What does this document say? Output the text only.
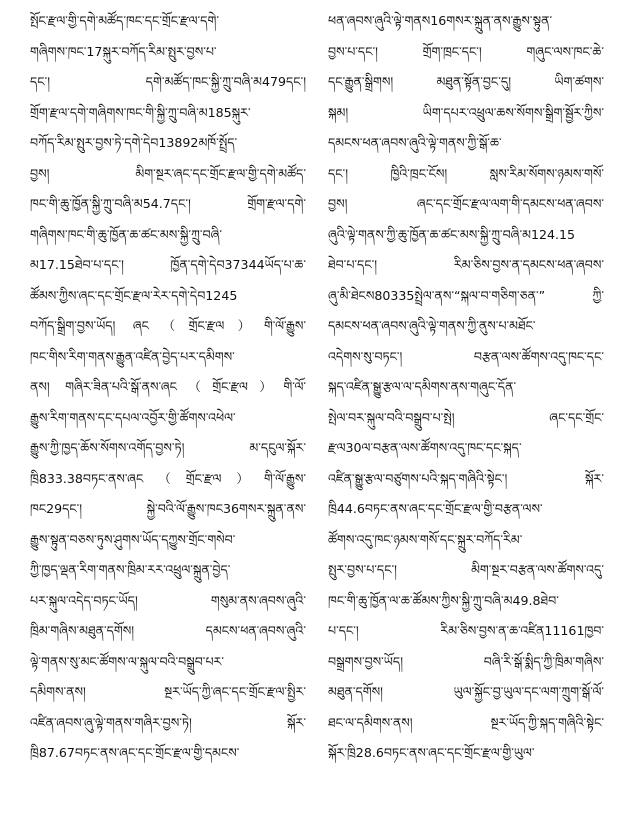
སྤོང་རྫལ་གྱི་དགེ་མཚོད་ཁང་དང་གྲོང་རྫལ་དགེ་
གཞིགས་ཁང་17སྐུར་བཀོད་རིམ་སྤུར་བྱས་པ་
དང་། དགེ་མཚོད་ཁང་སྐྱི་ཀྲུ་བཞི་མ479དང་།
གྲོག་རྫལ་དགེ་གཞིགས་ཁང་གི་སྐྱི་ཀྲུ་བཞི་མ185སྐུར་
བཀོད་རིམ་སྤུར་བྱས་ཏེ་དགེ་དེབ13892མཁོ་སྤྲོད་
བྱས། མིག་སྔར་ཞང་དང་གྲོང་རྫལ་གྱི་དགེ་མཚོད་
ཁང་གི་ཆུ་ཁྱོན་སྐྱི་ཀྲུ་བཞི་མ54.7དང་། གྲོག་རྫལ་དགེ་
གཞིགས་ཁང་གི་ཆུ་ཁྱོན་ཆ་ཚང་མས་སྐྱི་ཀྲུ་བཞི་
མ17.15ཐེབ་པ་དང་། ཁྱོན་དགེ་དེབ37344ཡོད་པ་ཆ་
ཚོམས་ཀྱིས་ཞང་དང་གྲོང་རྫལ་རེར་དགེ་དེབ1245
བཀོད་སྒྲིག་བྱས་ཡོད། ཞང（གྲོང་རྫལ）གི་ལོ་རྒྱུས་
ཁང་གིས་རིག་གནས་རྒྱུན་འཛིན་བྱེད་པར་དམིགས་
ནས། གཞིར་ཟིན་པའི་སྒོ་ནས་ཞང（གྲོང་རྫལ）གི་ལོ་
རྒྱུས་རིག་གནས་དང་དཔལ་འབྱོར་གྱི་ཚོགས་འཕེལ་
རྒྱུས་ཀྱི་ཁྱད་ཆོས་སོགས་འགོད་བྱས་ཏེ། མ་དངུལ་སྐོར་
ཁྲི833.38བཏང་ནས་ཞང（གྲོང་རྫལ）གི་ལོ་རྒྱུས་
ཁང29དང་། སྐྱེ་བའི་ལོ་རྒྱུས་ཁང36གསར་སྐྲུན་ནས་
རྒྱུས་སྟུན་བཅས་ཏུས་ཤུགས་ཡོད་དཀྱུས་གྲོང་གསེབ་
ཀྱི་ཁྱད་ལྡན་རིག་གནས་ཁྲིམ་རར་འཕྲུལ་སྐྲུན་བྱེད་
པར་སྐུལ་འདེད་བཏང་ཡོད། གསུམ་ནས་ཞབས་ཞུའི་
ཁྲིམ་གཞིས་མཐུན་དགོས། དམངས་ཕན་ཞབས་ཞུའི་
ལྟེ་གནས་སུ་མང་ཚོགས་ལ་སྐུལ་བའི་བསྒྲུབ་པར་
དམིགས་ནས། སྔར་ཡོད་ཀྱི་ཞང་དང་གྲོང་རྫལ་སྤྱིར་
འཛིན་ཞབས་ཞུ་ལྟེ་གནས་གཞིར་བྱས་ཏེ། སྐོར་
ཁྲི87.67བཏང་ནས་ཞང་དང་གྲོང་རྫལ་གྱི་དམངས་
ཕན་ཞབས་ཞུའི་ལྟེ་གནས16གསར་སྐྲུན་ནས་རྒྱུས་སྟུན་
བྱས་པ་དང་། གྲོག་ཁྲང་དང་། གཞུང་ལས་ཁང་ཆེ་
དང་རྒྱུན་སྒྲིགས། མཐུན་སྟོན་བྱང་དུ། ཡིག་ཚགས་
སྐམ། ཡིག་དཔར་འཕྲུལ་ཆས་སོགས་སྒྲིག་སྦྱོར་ཀྱིས་
དམངས་ཕན་ཞབས་ཞུའི་ལྟེ་གནས་ཀྱི་སྒོ་ཆ་
དང་། ཁྱིའི་ཁྲང་ངོས། སླས་རིམ་སོགས་ཉམས་གསོ་
བྱས། ཞང་དང་གྲོང་རྫལ་ལག་གི་དམངས་ཕན་ཞབས་
ཞུའི་ལྟེ་གནས་ཀྱི་ཆུ་ཁྱོན་ཆ་ཚང་མས་སྐྱི་ཀྲུ་བཞི་མ124.15
ཐེབ་པ་དང་། རིམ་ཅིས་བྱས་ན་དམངས་ཕན་ཞབས་
ཞུ་མི་ཐེངས80335སྤྲེལ་ནས་“སྐལ་བ་གཅིག་ཅན་” ཀྱི་
དམངས་ཕན་ཞབས་ཞུའི་ལྟེ་གནས་ཀྱི་ནུས་པ་མཐོང་
འདེགས་སུ་བཏང་། བརྩན་ལས་ཚོགས་འདུ་ཁང་དང་
སྐད་འཛིན་སྒྱུ་རྩལ་ལ་དམིགས་ནས་གཞུང་དོན་
སྤེལ་བར་སྐུལ་བའི་བསྒྲུབ་པ་སྤེ། ཞང་དང་གྲོང་
རྫལ30ལ་བརྩན་ལས་ཚོགས་འདུ་ཁང་དང་སྐད་
འཛིན་སྒྱུ་རྩལ་བཙུགས་པའི་སྐད་གཞིའི་སྟེང་། སྐོར་
ཁྲི44.6བཏང་ནས་ཞང་དང་གྲོང་རྫལ་གྱི་བརྩན་ལས་
ཚོགས་འདུ་ཁང་ཉམས་གསོ་དང་སྐྲུར་བཀོད་རིམ་
སྤུར་བྱས་པ་དང་། མིག་སྔར་བརྩན་ལས་ཚོགས་འདུ་
ཁང་གི་ཆུ་ཁྱོན་ལ་ཆ་ཚོམས་ཀྱིས་སྐྱི་ཀྲུ་བཞི་མ49.8ཐེབ་
པ་དང་། རིམ་ཅིས་བྱས་ན་ཆ་འཛིན11161ཁྱབ་
བསྒྲགས་བྱས་ཡོད། བཞི་རི་སྒོ་སྨིད་ཀྱི་ཁྲིམ་གཞིས་
མཐུན་དགོས། ཡུལ་སྐྱོང་བྱ་ཡུལ་དང་ལག་ཀྲུག་སྒོ་ལོ་
ཐང་ལ་དམིགས་ནས། སྔར་ཡོད་ཀྱི་སྐད་གཞིའི་སྟེང་
སྐོར་ཁྲི28.6བཏང་ནས་ཞང་དང་གྲོང་རྫལ་གྱི་ཡུལ་
